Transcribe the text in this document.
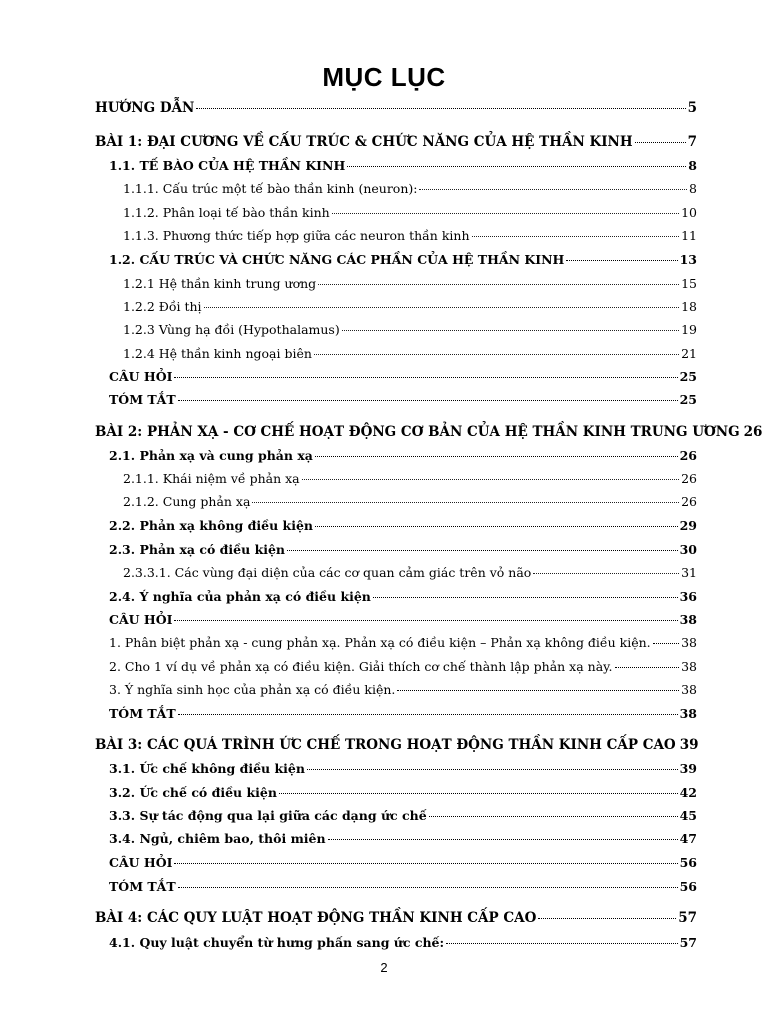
MỤC LỤC
HƯỚNG DẪN	5
BÀI 1: ĐẠI CƯƠNG VỀ CẤU TRÚC & CHỨC NĂNG CỦA HỆ THẦN KINH	7
1.1. TẾ BÀO CỦA HỆ THẦN KINH	8
1.1.1. Cấu trúc một tế bào thần kinh (neuron):	8
1.1.2. Phân loại tế bào thần kinh	10
1.1.3. Phương thức tiếp hợp giữa các neuron thần kinh	11
1.2. CẤU TRÚC VÀ CHỨC NĂNG CÁC PHẦN CỦA HỆ THẦN KINH	13
1.2.1 Hệ thần kinh trung ương	15
1.2.2 Đồi thị	18
1.2.3 Vùng hạ đồi (Hypothalamus)	19
1.2.4 Hệ thần kinh ngoại biên	21
CÂU HỎI	25
TÓM TẮT	25
BÀI 2: PHẢN XẠ - CƠ CHẾ HOẠT ĐỘNG CƠ BẢN CỦA HỆ THẦN KINH TRUNG ƯƠNG 26
2.1. Phản xạ và cung phản xạ	26
2.1.1. Khái niệm về phản xạ	26
2.1.2. Cung phản xạ	26
2.2. Phản xạ không điều kiện	29
2.3. Phản xạ có điều kiện	30
2.3.3.1. Các vùng đại diện của các cơ quan cảm giác trên vỏ não	31
2.4. Ý nghĩa của phản xạ có điều kiện	36
CÂU HỎI	38
1. Phân biệt phản xạ - cung phản xạ. Phản xạ có điều kiện – Phản xạ không điều kiện. 38
2. Cho 1 ví dụ về phản xạ có điều kiện. Giải thích cơ chế thành lập phản xạ này.	38
3. Ý nghĩa sinh học của phản xạ có điều kiện.	38
TÓM TẮT	38
BÀI 3: CÁC QUÁ TRÌNH ỨC CHẾ TRONG HOẠT ĐỘNG THẦN KINH CẤP CAO 39
3.1. Ức chế không điều kiện	39
3.2. Ức chế có điều kiện	42
3.3. Sự tác động qua lại giữa các dạng ức chế	45
3.4. Ngủ, chiêm bao, thôi miên	47
CÂU HỎI	56
TÓM TẮT	56
BÀI 4: CÁC QUY LUẬT HOẠT ĐỘNG THẦN KINH CẤP CAO	57
4.1. Quy luật chuyển từ hưng phấn sang ức chế:	57
2
